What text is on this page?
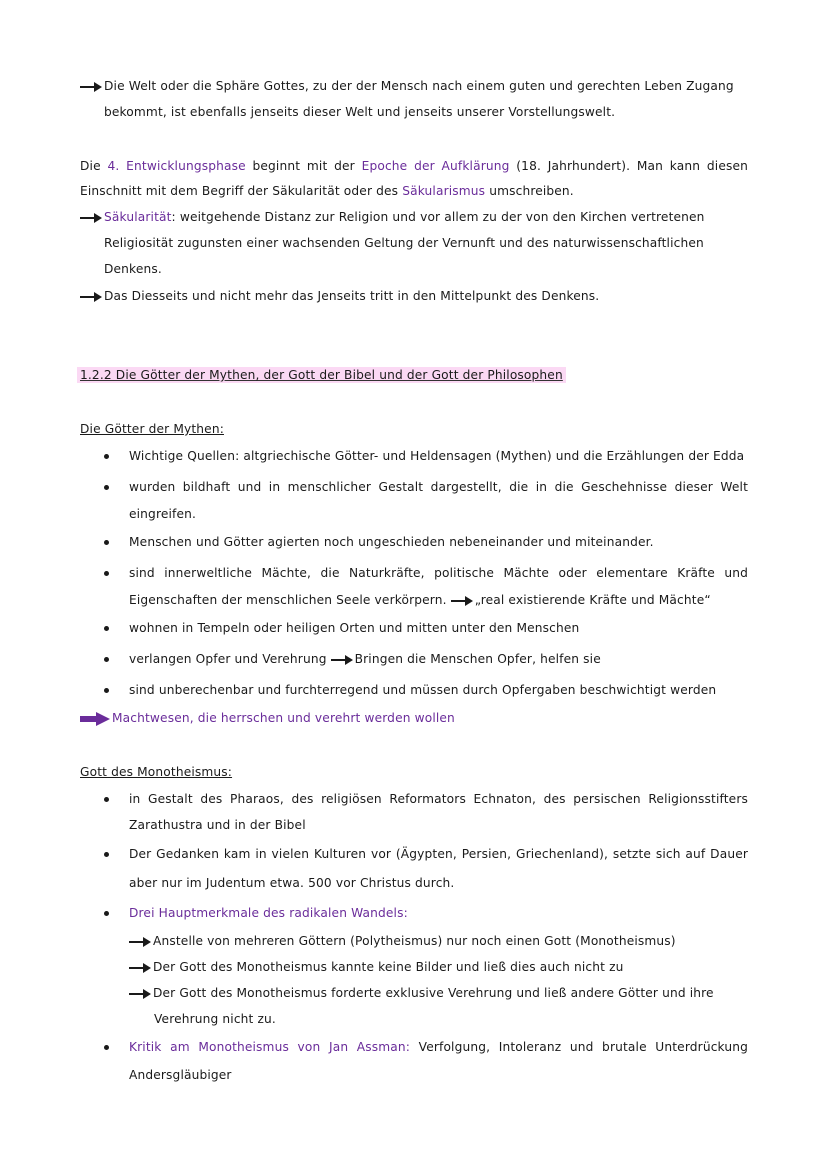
Die Welt oder die Sphäre Gottes, zu der der Mensch nach einem guten und gerechten Leben Zugang
bekommt, ist ebenfalls jenseits dieser Welt und jenseits unserer Vorstellungswelt.
Die 4. Entwicklungsphase beginnt mit der Epoche der Aufklärung (18. Jahrhundert). Man kann diesen
Einschnitt mit dem Begriff der Säkularität oder des Säkularismus umschreiben.
Säkularität: weitgehende Distanz zur Religion und vor allem zu der von den Kirchen vertretenen
Religiosität zugunsten einer wachsenden Geltung der Vernunft und des naturwissenschaftlichen
Denkens.
Das Diesseits und nicht mehr das Jenseits tritt in den Mittelpunkt des Denkens.
1.2.2 Die Götter der Mythen, der Gott der Bibel und der Gott der Philosophen
Die Götter der Mythen:
Wichtige Quellen: altgriechische Götter- und Heldensagen (Mythen) und die Erzählungen der Edda
wurden bildhaft und in menschlicher Gestalt dargestellt, die in die Geschehnisse dieser Welt
eingreifen.
Menschen und Götter agierten noch ungeschieden nebeneinander und miteinander.
sind innerweltliche Mächte, die Naturkräfte, politische Mächte oder elementare Kräfte und
Eigenschaften der menschlichen Seele verkörpern. „real existierende Kräfte und Mächte“
wohnen in Tempeln oder heiligen Orten und mitten unter den Menschen
verlangen Opfer und Verehrung Bringen die Menschen Opfer, helfen sie
sind unberechenbar und furchterregend und müssen durch Opfergaben beschwichtigt werden
Machtwesen, die herrschen und verehrt werden wollen
Gott des Monotheismus:
in Gestalt des Pharaos, des religiösen Reformators Echnaton, des persischen Religionsstifters
Zarathustra und in der Bibel
Der Gedanken kam in vielen Kulturen vor (Ägypten, Persien, Griechenland), setzte sich auf Dauer
aber nur im Judentum etwa. 500 vor Christus durch.
Drei Hauptmerkmale des radikalen Wandels:
Anstelle von mehreren Göttern (Polytheismus) nur noch einen Gott (Monotheismus)
Der Gott des Monotheismus kannte keine Bilder und ließ dies auch nicht zu
Der Gott des Monotheismus forderte exklusive Verehrung und ließ andere Götter und ihre
Verehrung nicht zu.
Kritik am Monotheismus von Jan Assman: Verfolgung, Intoleranz und brutale Unterdrückung
Andersgläubiger
